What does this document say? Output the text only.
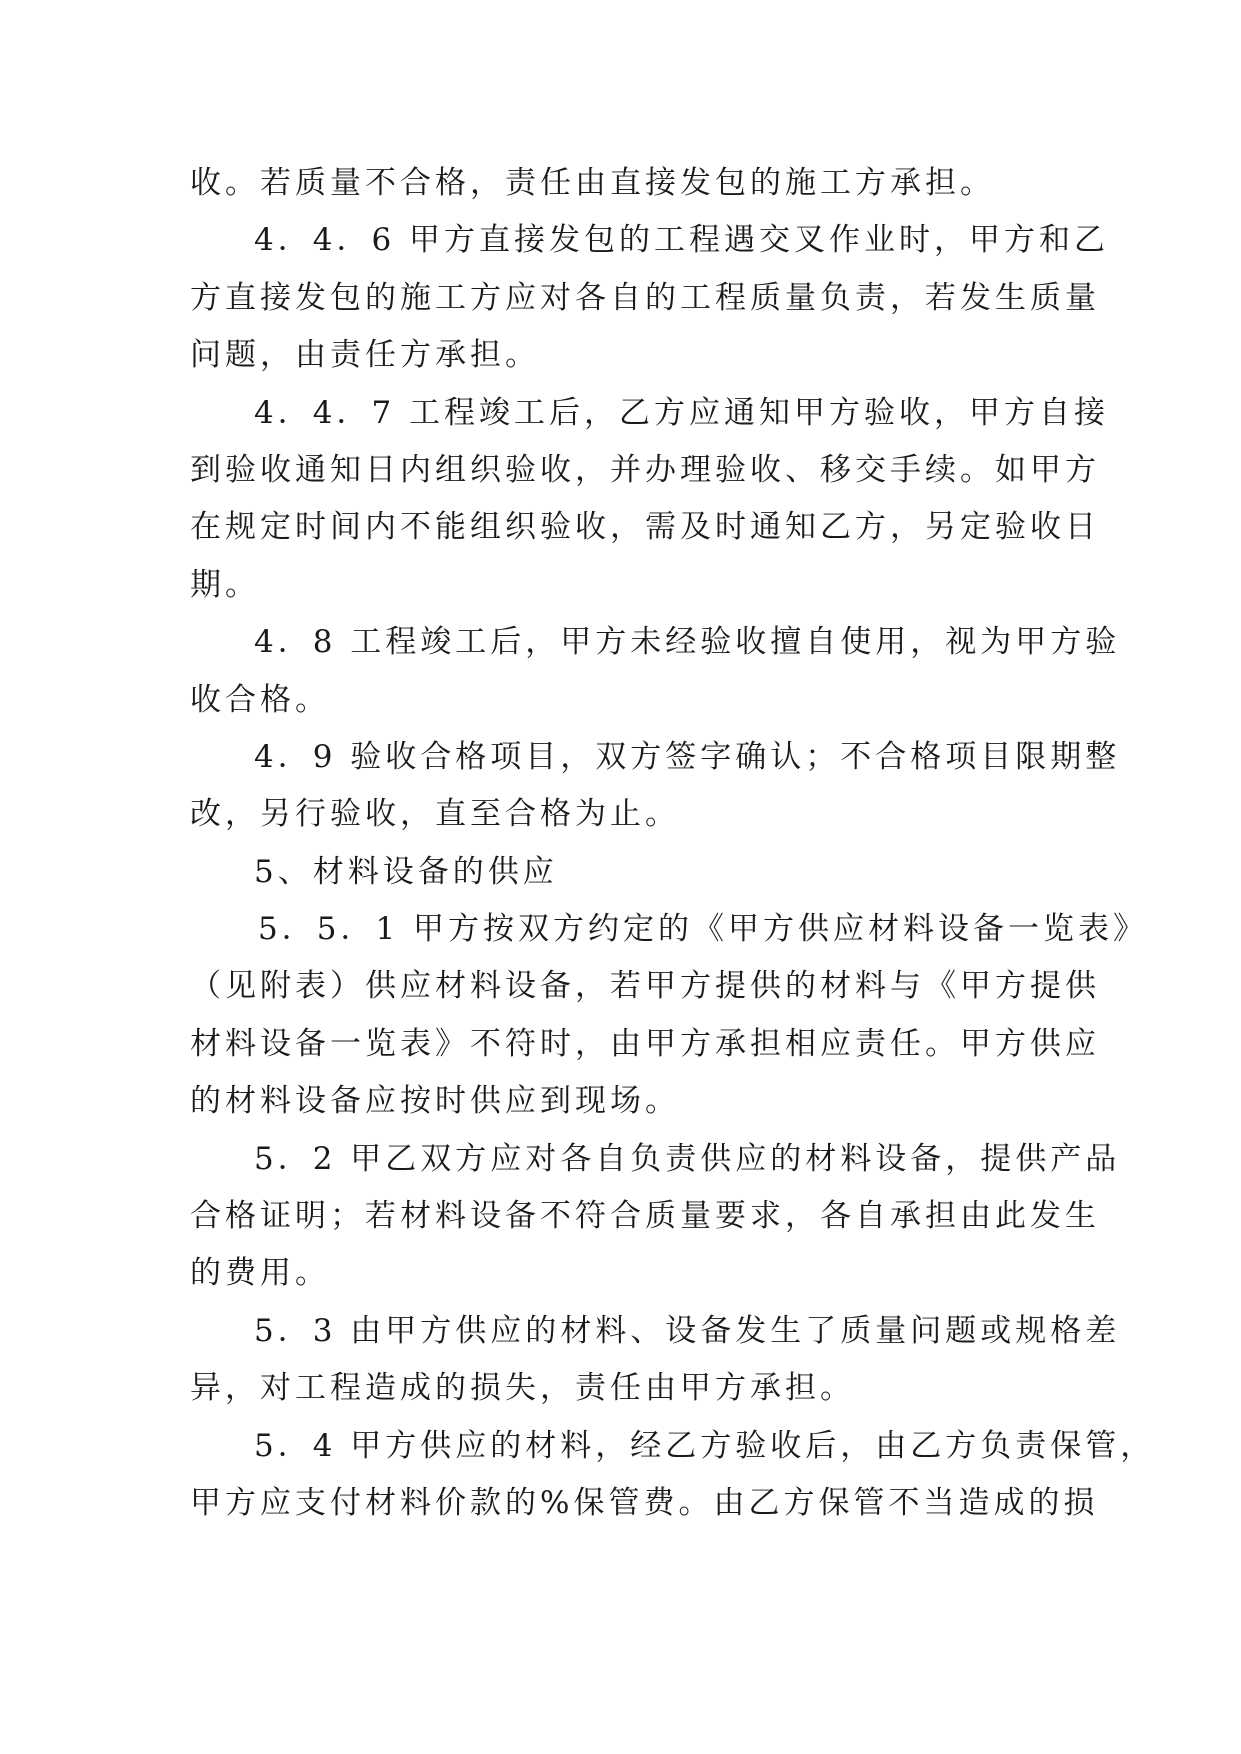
收。若质量不合格，责任由直接发包的施工方承担。
4．4．6 甲方直接发包的工程遇交叉作业时，甲方和乙
方直接发包的施工方应对各自的工程质量负责，若发生质量
问题，由责任方承担。
4．4．7 工程竣工后，乙方应通知甲方验收，甲方自接
到验收通知日内组织验收，并办理验收、移交手续。如甲方
在规定时间内不能组织验收，需及时通知乙方，另定验收日
期。
4．8 工程竣工后，甲方未经验收擅自使用，视为甲方验
收合格。
4．9 验收合格项目，双方签字确认；不合格项目限期整
改，另行验收，直至合格为止。
5、材料设备的供应
5．5．1 甲方按双方约定的《甲方供应材料设备一览表》
（见附表）供应材料设备，若甲方提供的材料与《甲方提供
材料设备一览表》不符时，由甲方承担相应责任。甲方供应
的材料设备应按时供应到现场。
5．2 甲乙双方应对各自负责供应的材料设备，提供产品
合格证明；若材料设备不符合质量要求，各自承担由此发生
的费用。
5．3 由甲方供应的材料、设备发生了质量问题或规格差
异，对工程造成的损失，责任由甲方承担。
5．4 甲方供应的材料，经乙方验收后，由乙方负责保管，
甲方应支付材料价款的%保管费。由乙方保管不当造成的损
